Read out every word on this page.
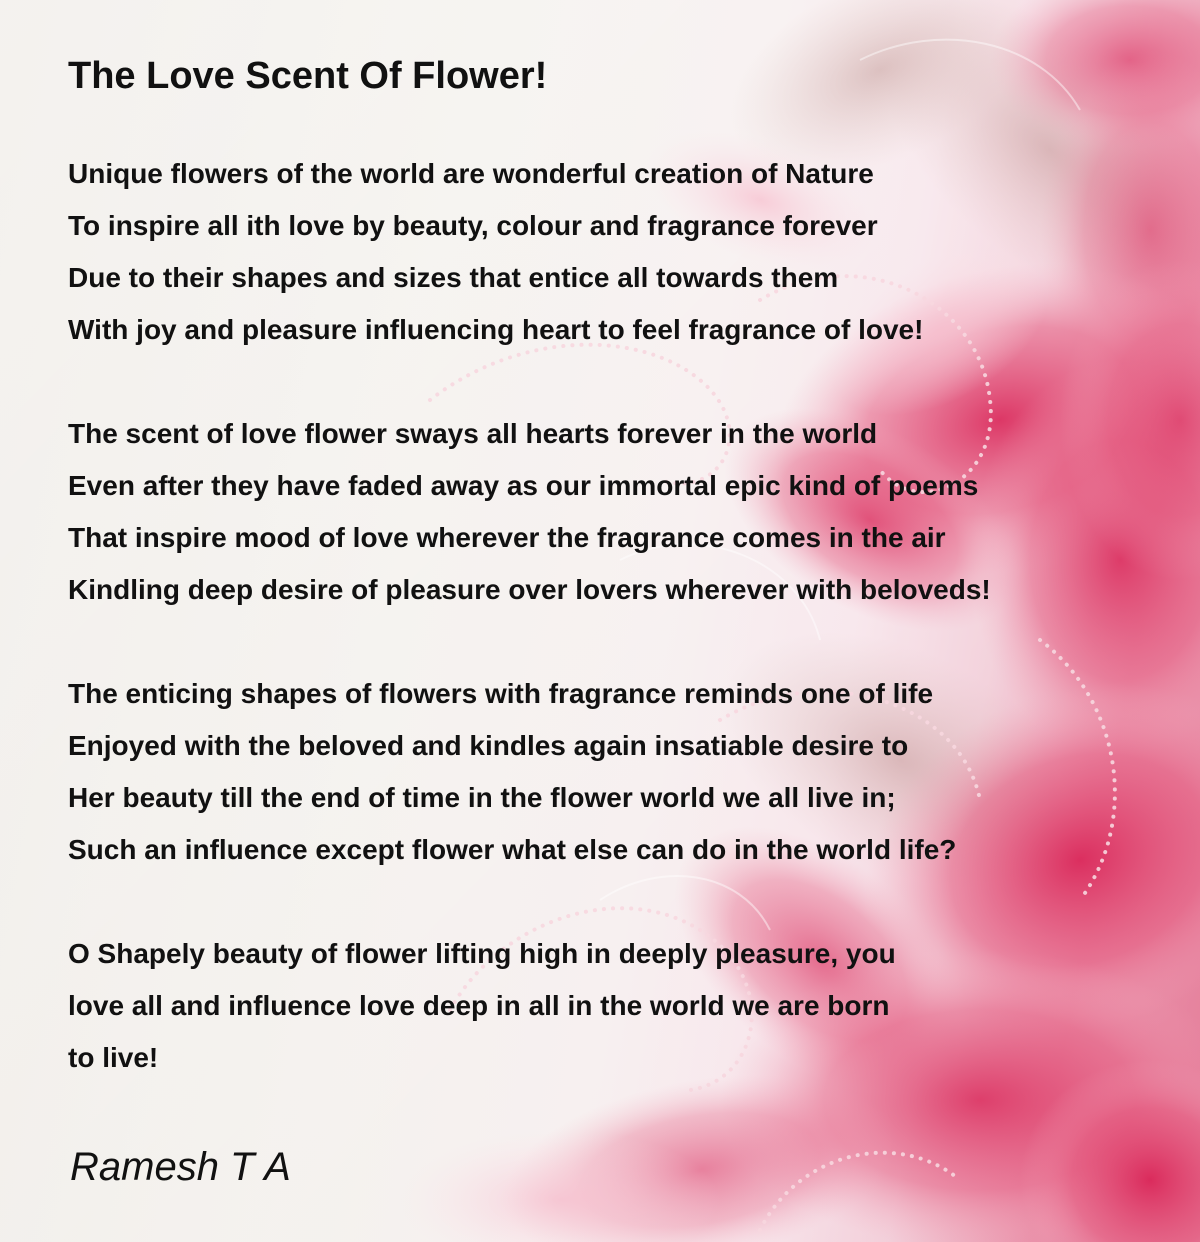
The Love Scent Of Flower!
Unique flowers of the world are wonderful creation of Nature
To inspire all ith love by beauty, colour and fragrance forever
Due to their shapes and sizes that entice all towards them
With joy and pleasure influencing heart to feel fragrance of love!
The scent of love flower sways all hearts forever in the world
Even after they have faded away as our immortal epic kind of poems
That inspire mood of love wherever the fragrance comes in the air
Kindling deep desire of pleasure over lovers wherever with beloveds!
The enticing shapes of flowers with fragrance reminds one of life
Enjoyed with the beloved and kindles again insatiable desire to
Her beauty till the end of time in the flower world we all live in;
Such an influence except flower what else can do in the world life?
O Shapely beauty of flower lifting high in deeply pleasure, you
love all and influence love deep in all in the world we are born
to live!

Ramesh T A
